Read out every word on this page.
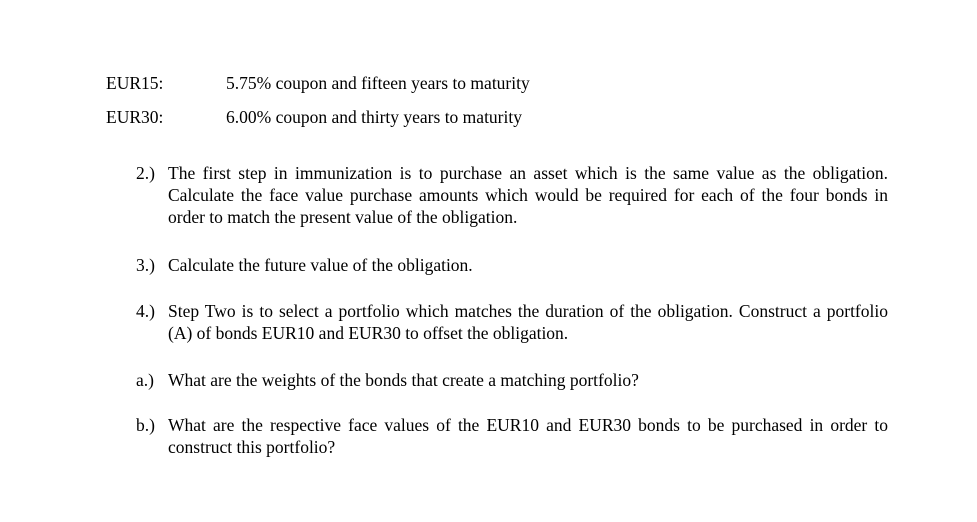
EUR15:	5.75% coupon and fifteen years to maturity
EUR30:	6.00% coupon and thirty years to maturity
2.) The first step in immunization is to purchase an asset which is the same value as the obligation. Calculate the face value purchase amounts which would be required for each of the four bonds in order to match the present value of the obligation.
3.) Calculate the future value of the obligation.
4.) Step Two is to select a portfolio which matches the duration of the obligation. Construct a portfolio (A) of bonds EUR10 and EUR30 to offset the obligation.
a.) What are the weights of the bonds that create a matching portfolio?
b.) What are the respective face values of the EUR10 and EUR30 bonds to be purchased in order to construct this portfolio?
